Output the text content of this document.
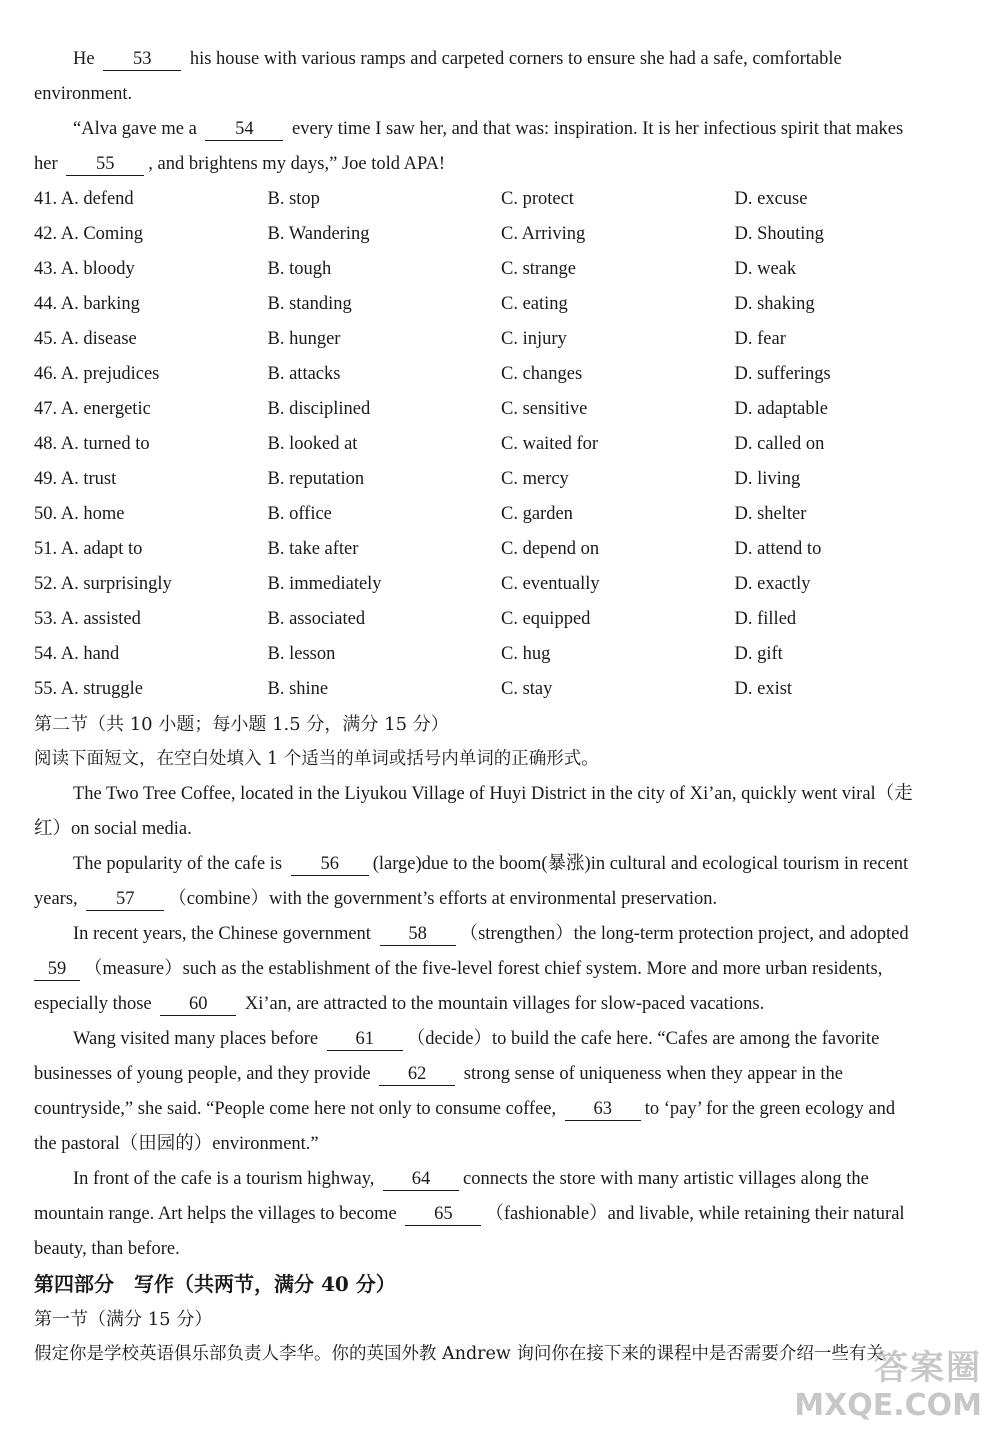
He 53 his house with various ramps and carpeted corners to ensure she had a safe, comfortable
environment.
“Alva gave me a 54 every time I saw her, and that was: inspiration. It is her infectious spirit that makes
her 55 , and brightens my days,” Joe told APA!
41. A. defend	B. stop	C. protect	D. excuse
42. A. Coming	B. Wandering	C. Arriving	D. Shouting
43. A. bloody	B. tough	C. strange	D. weak
44. A. barking	B. standing	C. eating	D. shaking
45. A. disease	B. hunger	C. injury	D. fear
46. A. prejudices	B. attacks	C. changes	D. sufferings
47. A. energetic	B. disciplined	C. sensitive	D. adaptable
48. A. turned to	B. looked at	C. waited for	D. called on
49. A. trust	B. reputation	C. mercy	D. living
50. A. home	B. office	C. garden	D. shelter
51. A. adapt to	B. take after	C. depend on	D. attend to
52. A. surprisingly	B. immediately	C. eventually	D. exactly
53. A. assisted	B. associated	C. equipped	D. filled
54. A. hand	B. lesson	C. hug	D. gift
55. A. struggle	B. shine	C. stay	D. exist
第二节（共 10 小题；每小题 1.5 分，满分 15 分）
阅读下面短文，在空白处填入 1 个适当的单词或括号内单词的正确形式。
The Two Tree Coffee, located in the Liyukou Village of Huyi District in the city of Xi’an, quickly went viral（走
红）on social media.
The popularity of the cafe is 56 (large)due to the boom(暴涨)in cultural and ecological tourism in recent
years, 57 （combine）with the government’s efforts at environmental preservation.
In recent years, the Chinese government 58 （strengthen）the long-term protection project, and adopted
59 （measure）such as the establishment of the five-level forest chief system. More and more urban residents,
especially those 60 Xi’an, are attracted to the mountain villages for slow-paced vacations.
Wang visited many places before 61 （decide）to build the cafe here. “Cafes are among the favorite
businesses of young people, and they provide 62 strong sense of uniqueness when they appear in the
countryside,” she said. “People come here not only to consume coffee, 63 to ‘pay’ for the green ecology and
the pastoral（田园的）environment.”
In front of the cafe is a tourism highway, 64 connects the store with many artistic villages along the
mountain range. Art helps the villages to become 65 （fashionable）and livable, while retaining their natural
beauty, than before.
第四部分　写作（共两节，满分 40 分）
第一节（满分 15 分）
假定你是学校英语俱乐部负责人李华。你的英国外教 Andrew 询问你在接下来的课程中是否需要介绍一些有关
答案圈
MXQE.COM
